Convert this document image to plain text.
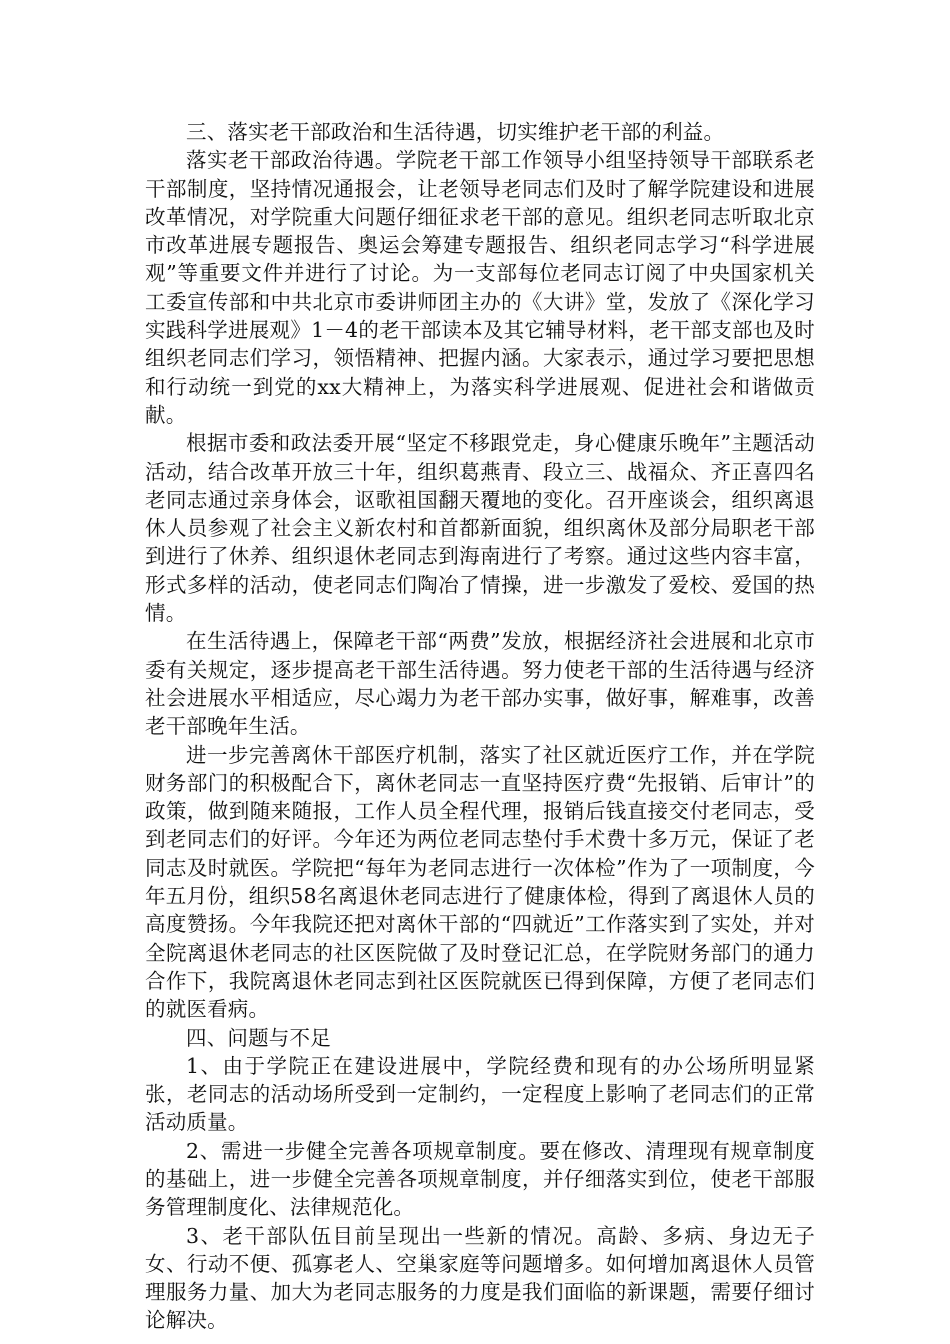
三、落实老干部政治和生活待遇，切实维护老干部的利益。

落实老干部政治待遇。学院老干部工作领导小组坚持领导干部联系老干部制度，坚持情况通报会，让老领导老同志们及时了解学院建设和进展改革情况，对学院重大问题仔细征求老干部的意见。组织老同志听取北京市改革进展专题报告、奥运会筹建专题报告、组织老同志学习“科学进展观”等重要文件并进行了讨论。为一支部每位老同志订阅了中央国家机关工委宣传部和中共北京市委讲师团主办的《大讲》堂，发放了《深化学习实践科学进展观》1－4的老干部读本及其它辅导材料，老干部支部也及时组织老同志们学习，领悟精神、把握内涵。大家表示，通过学习要把思想和行动统一到党的xx大精神上，为落实科学进展观、促进社会和谐做贡献。

根据市委和政法委开展“坚定不移跟党走，身心健康乐晚年”主题活动活动，结合改革开放三十年，组织葛燕青、段立三、战福众、齐正喜四名老同志通过亲身体会，讴歌祖国翻天覆地的变化。召开座谈会，组织离退休人员参观了社会主义新农村和首都新面貌，组织离休及部分局职老干部到进行了休养、组织退休老同志到海南进行了考察。通过这些内容丰富，形式多样的活动，使老同志们陶冶了情操，进一步激发了爱校、爱国的热情。

在生活待遇上，保障老干部“两费”发放，根据经济社会进展和北京市委有关规定，逐步提高老干部生活待遇。努力使老干部的生活待遇与经济社会进展水平相适应，尽心竭力为老干部办实事，做好事，解难事，改善老干部晚年生活。

进一步完善离休干部医疗机制，落实了社区就近医疗工作，并在学院财务部门的积极配合下，离休老同志一直坚持医疗费“先报销、后审计”的政策，做到随来随报，工作人员全程代理，报销后钱直接交付老同志，受到老同志们的好评。今年还为两位老同志垫付手术费十多万元，保证了老同志及时就医。学院把“每年为老同志进行一次体检”作为了一项制度，今年五月份，组织58名离退休老同志进行了健康体检，得到了离退休人员的高度赞扬。今年我院还把对离休干部的“四就近”工作落实到了实处，并对全院离退休老同志的社区医院做了及时登记汇总，在学院财务部门的通力合作下，我院离退休老同志到社区医院就医已得到保障，方便了老同志们的就医看病。

四、问题与不足

1、由于学院正在建设进展中，学院经费和现有的办公场所明显紧张，老同志的活动场所受到一定制约，一定程度上影响了老同志们的正常活动质量。

2、需进一步健全完善各项规章制度。要在修改、清理现有规章制度的基础上，进一步健全完善各项规章制度，并仔细落实到位，使老干部服务管理制度化、法律规范化。

3、老干部队伍目前呈现出一些新的情况。高龄、多病、身边无子女、行动不便、孤寡老人、空巢家庭等问题增多。如何增加离退休人员管理服务力量、加大为老同志服务的力度是我们面临的新课题，需要仔细讨论解决。
